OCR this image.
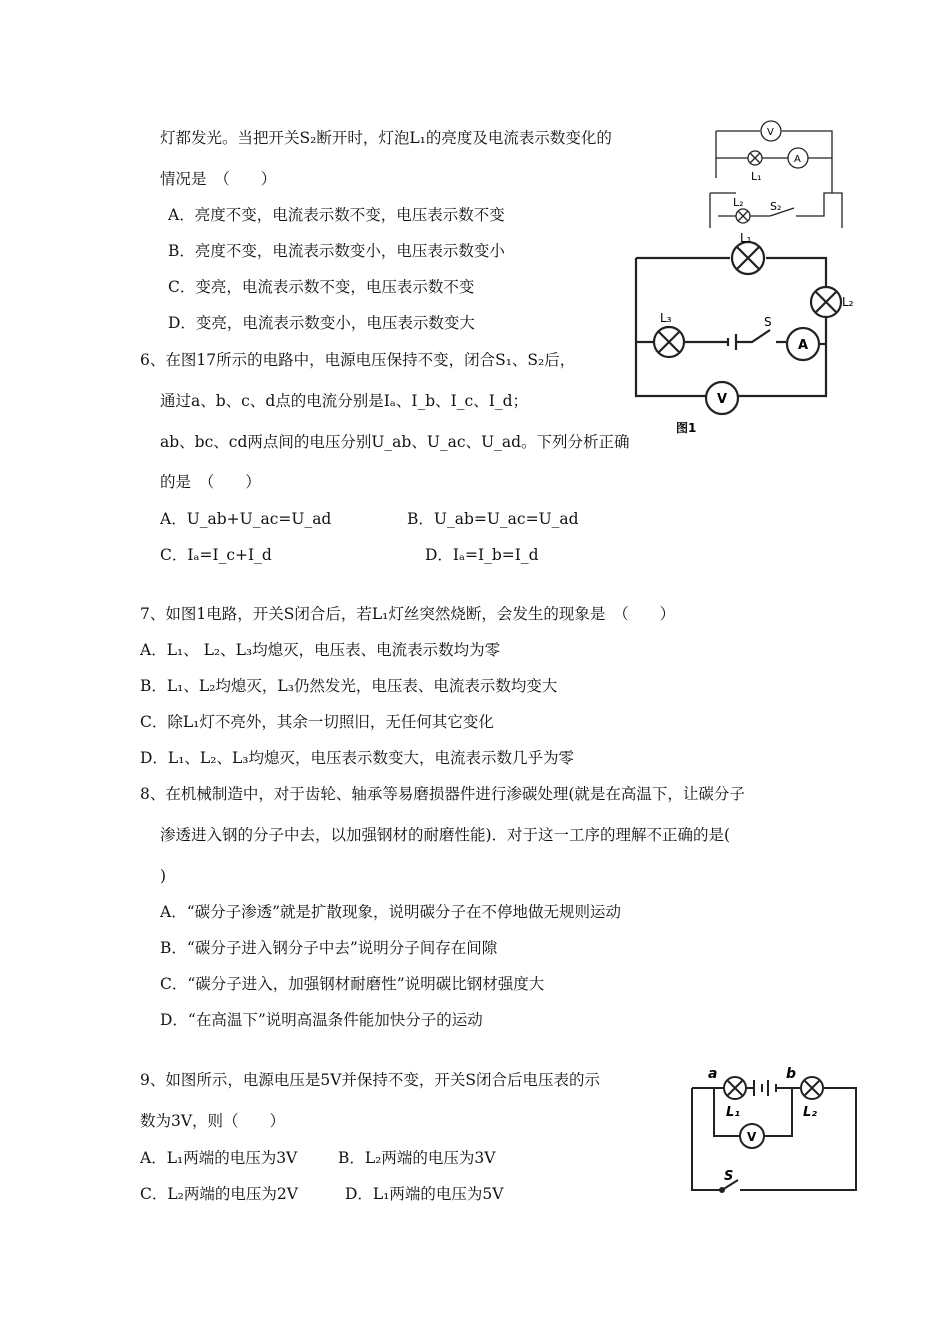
灯都发光。当把开关S₂断开时，灯泡L₁的亮度及电流表示数变化的
情况是　（　　）
A．亮度不变，电流表示数不变，电压表示数不变
B．亮度不变，电流表示数变小，电压表示数变小
C．变亮，电流表示数不变，电压表示数不变
D．变亮，电流表示数变小，电压表示数变大
V
A
L₁
L₂ S₂
L₁
L₂
L₃	S
A
V
图1
6、在图17所示的电路中，电源电压保持不变，闭合S₁、S₂后，
通过a、b、c、d点的电流分别是Iₐ、I_b、I_c、I_d；
ab、bc、cd两点间的电压分别U_ab、U_ac、U_ad。下列分析正确
的是　（　　）
A．U_ab+U_ac=U_ad	B．U_ab=U_ac=U_ad
C．Iₐ=I_c+I_d	D．Iₐ=I_b=I_d
7、如图1电路，开关S闭合后，若L₁灯丝突然烧断，会发生的现象是　（　　）
A．L₁、 L₂、L₃均熄灭，电压表、电流表示数均为零
B．L₁、L₂均熄灭，L₃仍然发光，电压表、电流表示数均变大
C．除L₁灯不亮外，其余一切照旧，无任何其它变化
D．L₁、L₂、L₃均熄灭，电压表示数变大，电流表示数几乎为零
8、在机械制造中，对于齿轮、轴承等易磨损器件进行渗碳处理(就是在高温下，让碳分子
渗透进入钢的分子中去，以加强钢材的耐磨性能)．对于这一工序的理解不正确的是(
)
A．“碳分子渗透”就是扩散现象，说明碳分子在不停地做无规则运动
B．“碳分子进入钢分子中去”说明分子间存在间隙
C．“碳分子进入，加强钢材耐磨性”说明碳比钢材强度大
D．“在高温下”说明高温条件能加快分子的运动
9、如图所示，电源电压是5V并保持不变，开关S闭合后电压表的示
数为3V，则（　　）
A．L₁两端的电压为3V	B．L₂两端的电压为3V
C．L₂两端的电压为2V	D．L₁两端的电压为5V
a	b
L₁	L₂
V
S
